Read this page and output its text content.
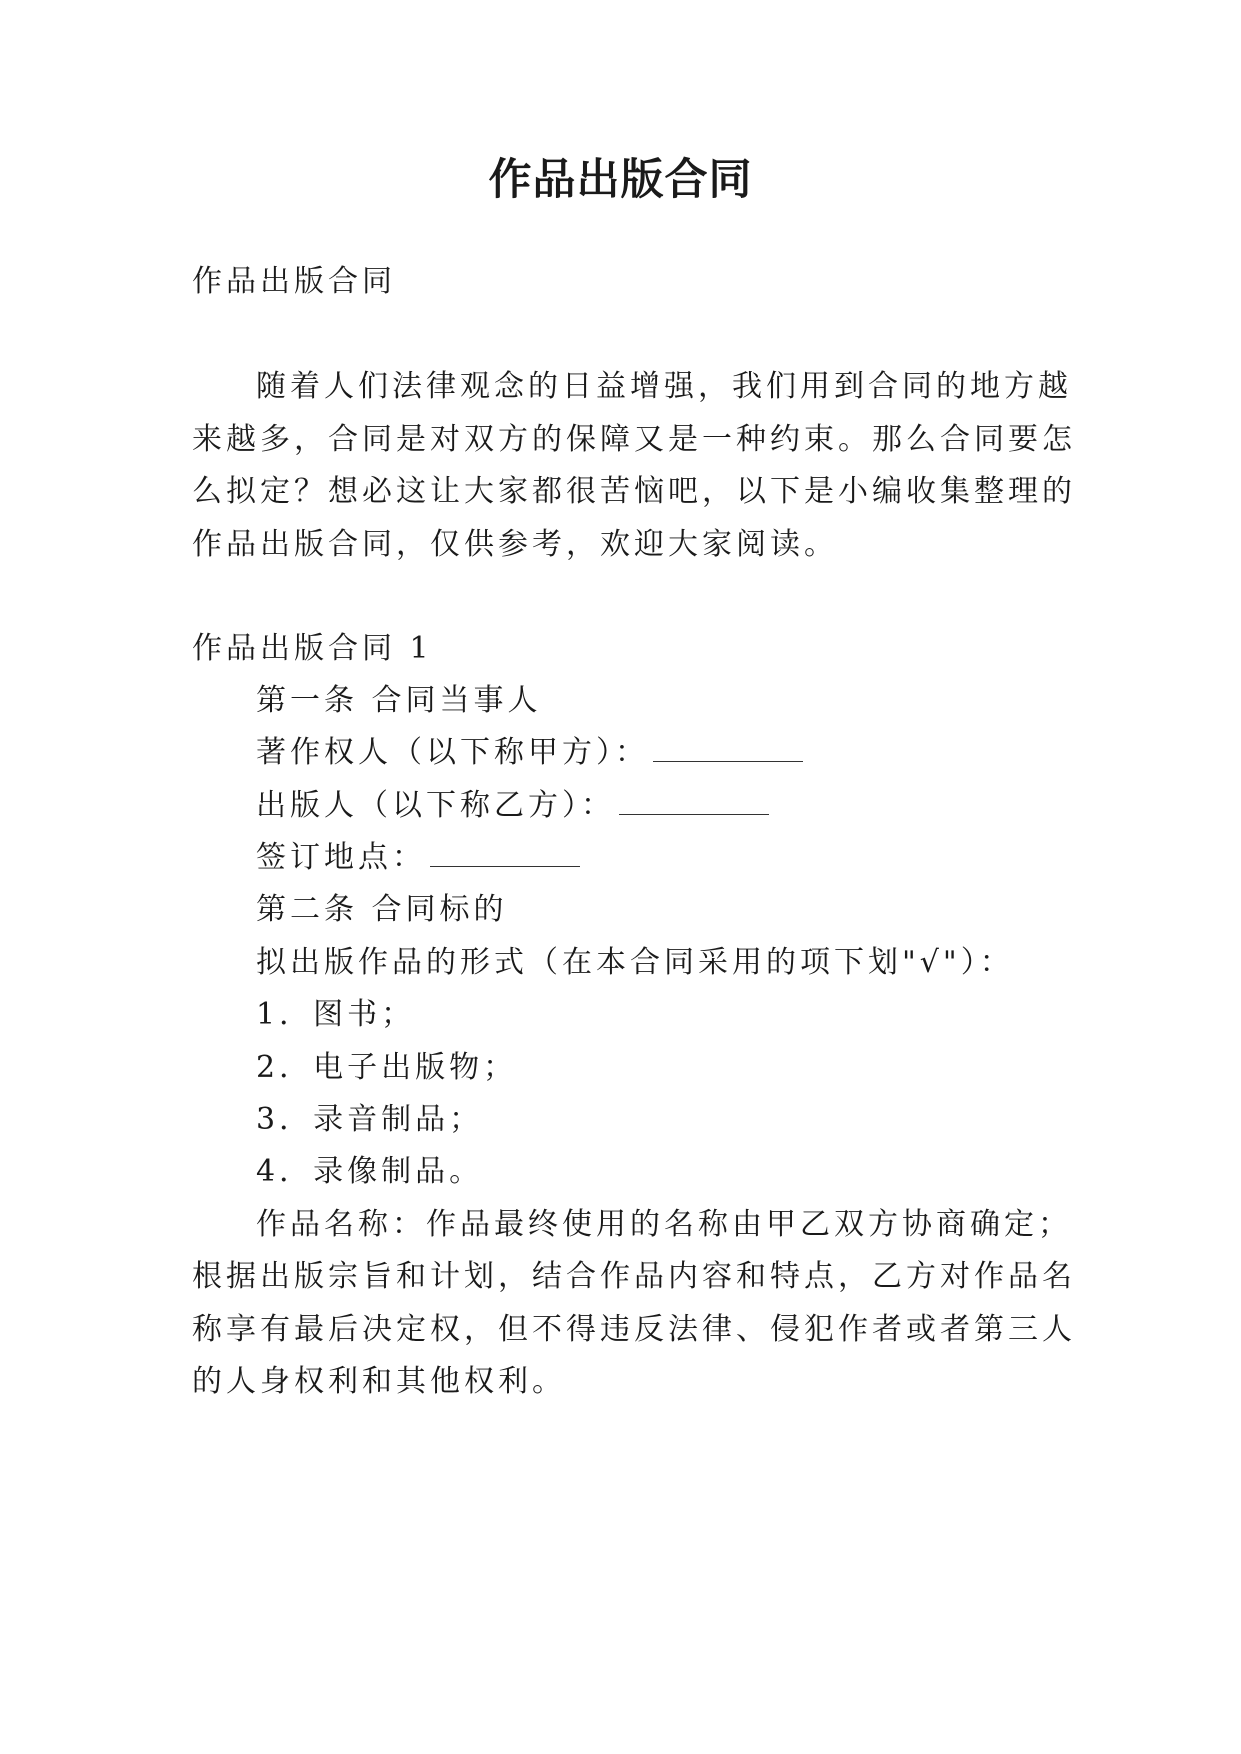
作品出版合同
作品出版合同
随着人们法律观念的日益增强，我们用到合同的地方越
来越多，合同是对双方的保障又是一种约束。那么合同要怎
么拟定？想必这让大家都很苦恼吧，以下是小编收集整理的
作品出版合同，仅供参考，欢迎大家阅读。
作品出版合同 1
第一条 合同当事人
著作权人（以下称甲方）：
出版人（以下称乙方）：
签订地点：
第二条 合同标的
拟出版作品的形式（在本合同采用的项下划"√"）：
1．图书；
2．电子出版物；
3．录音制品；
4．录像制品。
作品名称：作品最终使用的名称由甲乙双方协商确定；
根据出版宗旨和计划，结合作品内容和特点，乙方对作品名
称享有最后决定权，但不得违反法律、侵犯作者或者第三人
的人身权利和其他权利。
